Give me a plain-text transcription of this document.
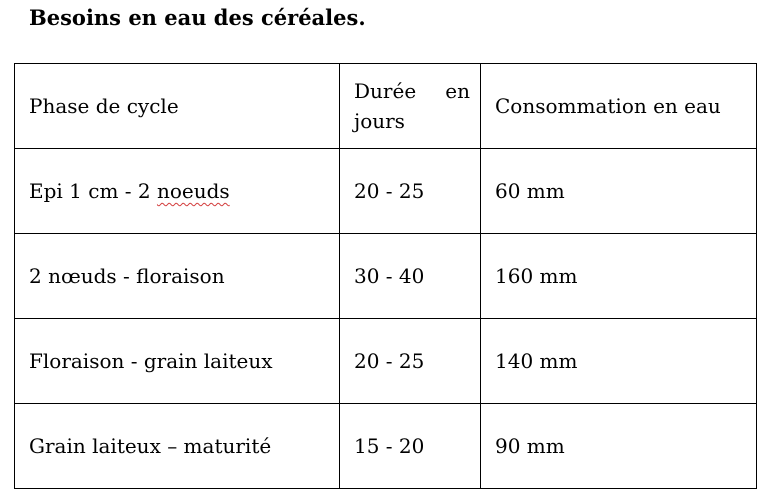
Besoins en eau des céréales.
Phase de cycle	Durée en jours	Consommation en eau
Epi 1 cm - 2 noeuds	20 - 25	60 mm
2 nœuds - floraison	30 - 40	160 mm
Floraison - grain laiteux	20 - 25	140 mm
Grain laiteux – maturité	15 - 20	90 mm
